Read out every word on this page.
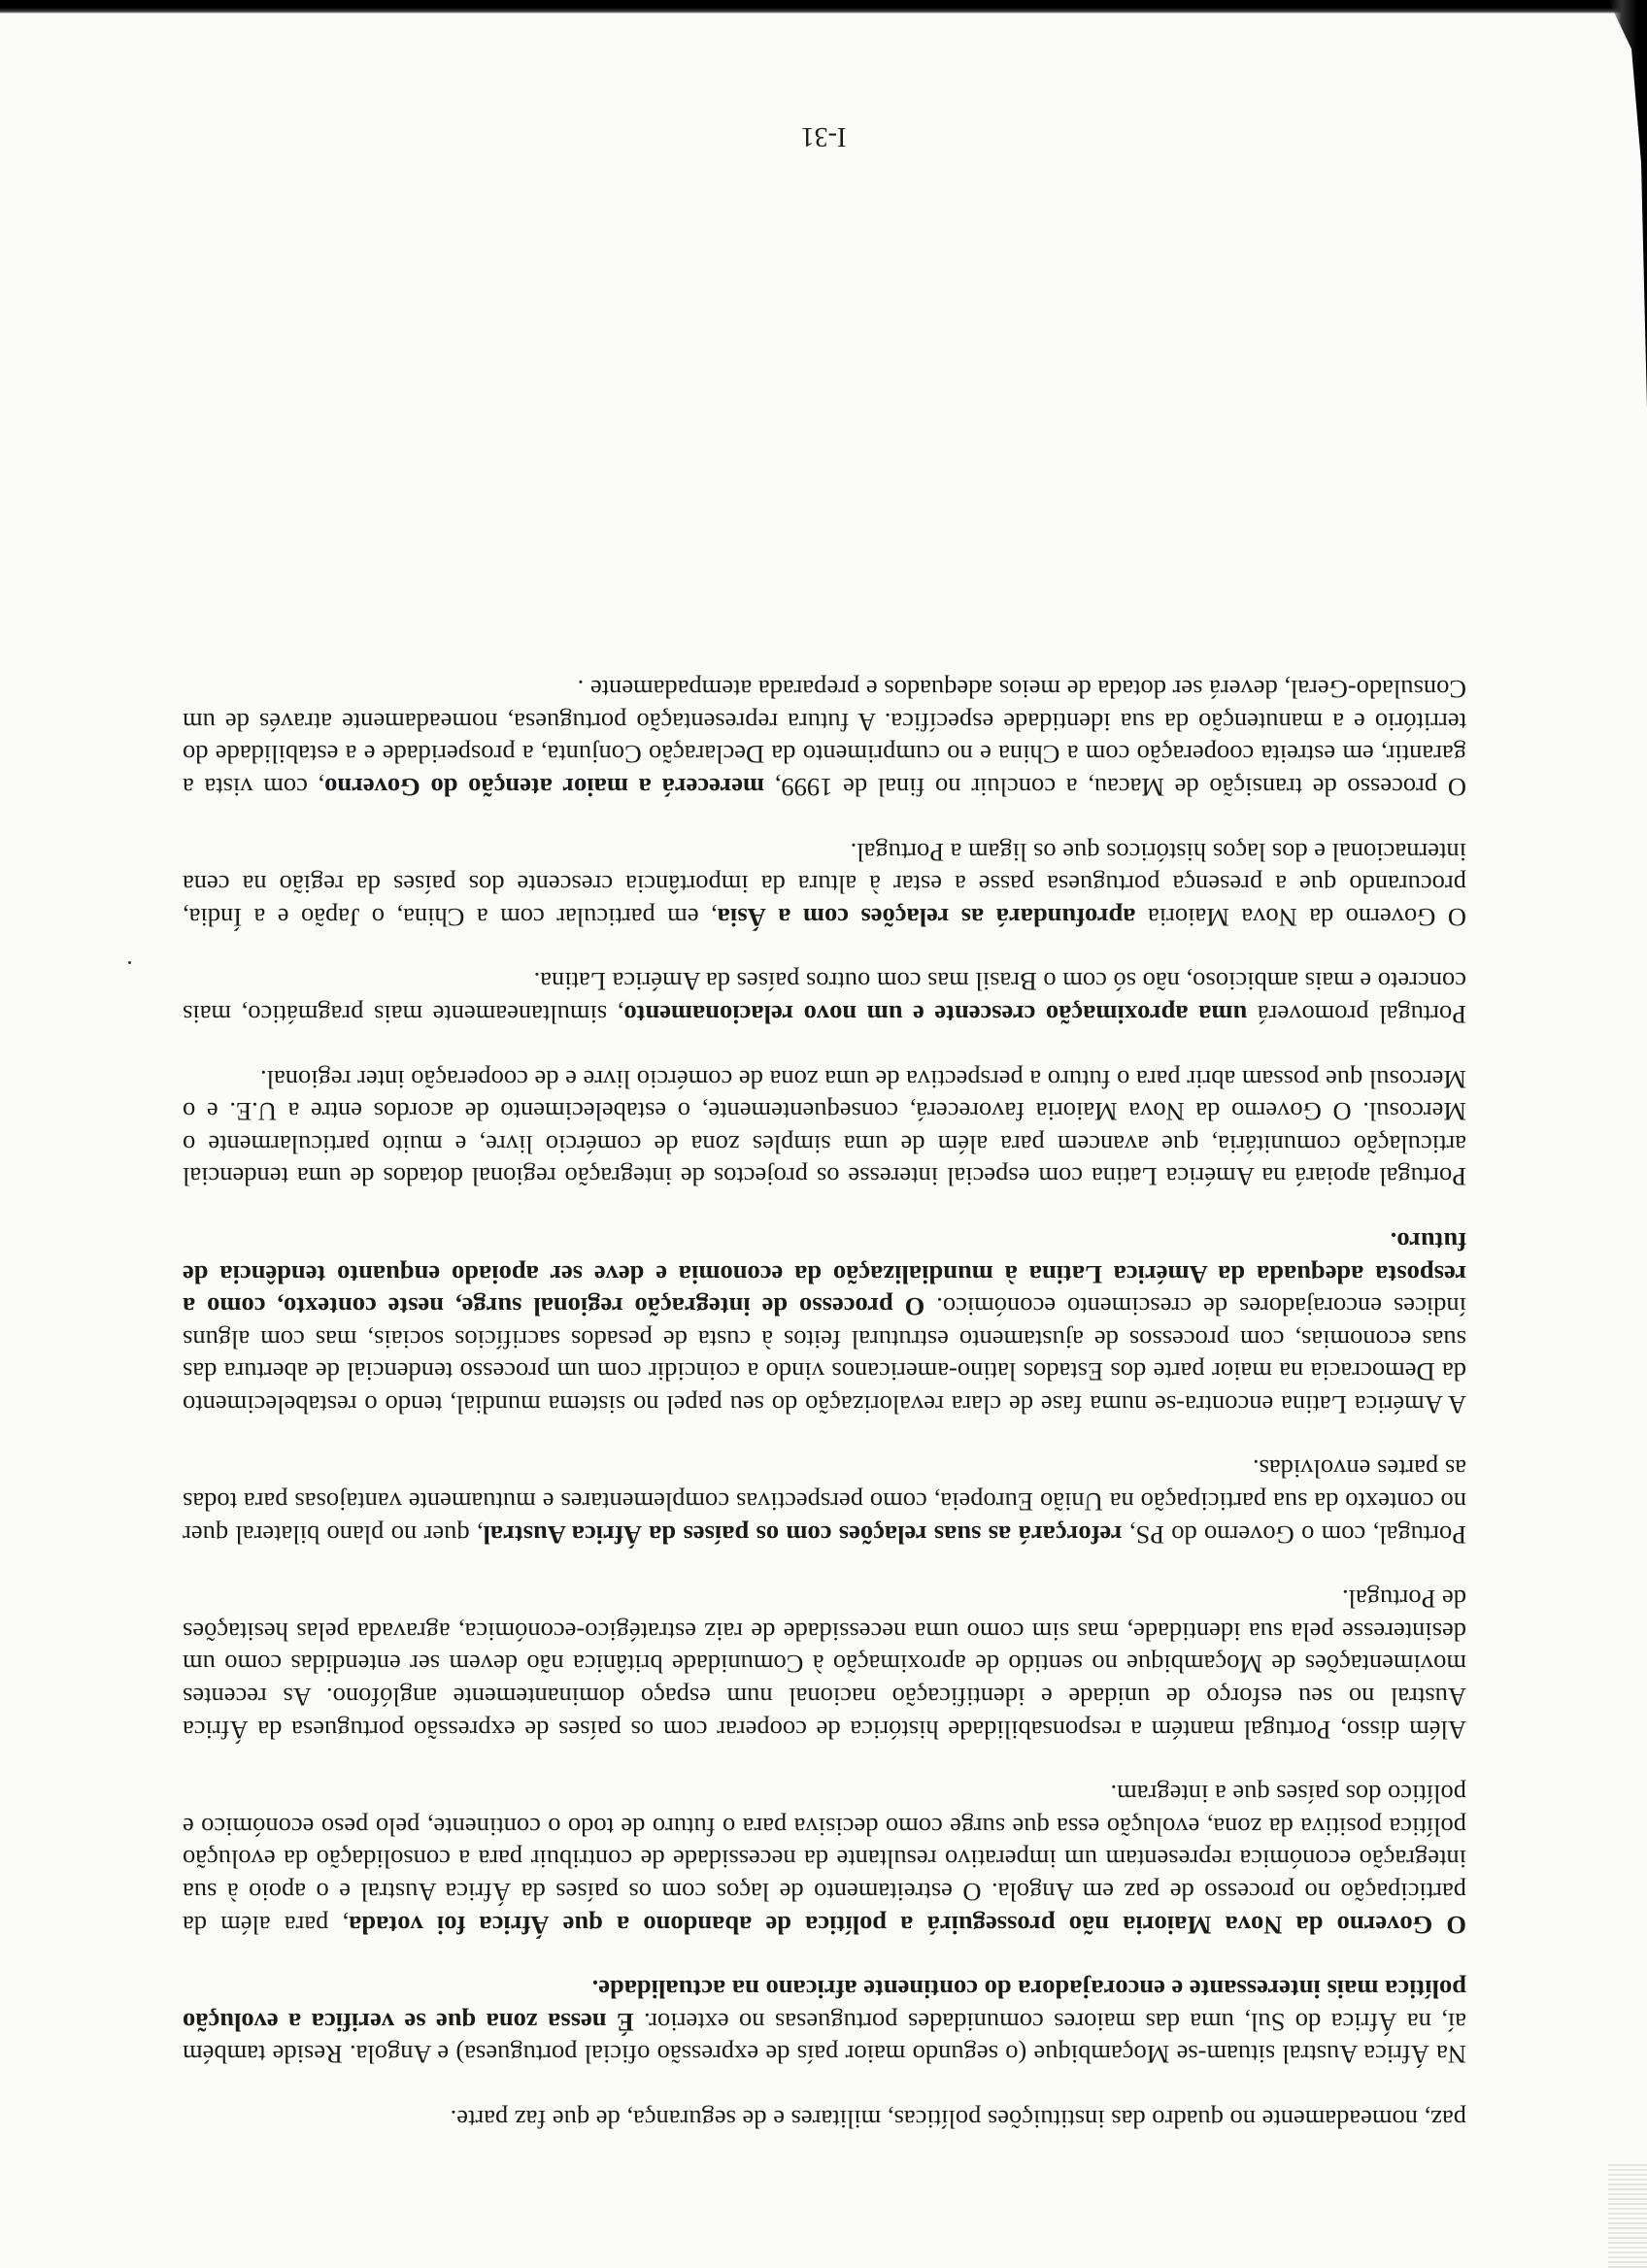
paz, nomeadamente no quadro das instituições políticas, militares e de segurança, de que faz parte.

Na África Austral situam-se Moçambique (o segundo maior país de expressão oficial portuguesa) e Angola. Reside também aí, na África do Sul, uma das maiores comunidades portuguesas no exterior. É nessa zona que se verifica a evolução política mais interessante e encorajadora do continente africano na actualidade.

O Governo da Nova Maioria não prosseguirá a política de abandono a que África foi votada, para além da participação no processo de paz em Angola. O estreitamento de laços com os países da África Austral e o apoio à sua integração económica representam um imperativo resultante da necessidade de contribuir para a consolidação da evolução política positiva da zona, evolução essa que surge como decisiva para o futuro de todo o continente, pelo peso económico e político dos países que a integram.

Além disso, Portugal mantém a responsabilidade histórica de cooperar com os países de expressão portuguesa da África Austral no seu esforço de unidade e identificação nacional num espaço dominantemente anglófono. As recentes movimentações de Moçambique no sentido de aproximação à Comunidade britânica não devem ser entendidas como um desinteresse pela sua identidade, mas sim como uma necessidade de raiz estratégico-económica, agravada pelas hesitações de Portugal.

Portugal, com o Governo do PS, reforçará as suas relações com os países da África Austral, quer no plano bilateral quer no contexto da sua participação na União Europeia, como perspectivas complementares e mutuamente vantajosas para todas as partes envolvidas.

A América Latina encontra-se numa fase de clara revalorização do seu papel no sistema mundial, tendo o restabelecimento da Democracia na maior parte dos Estados latino-americanos vindo a coincidir com um processo tendencial de abertura das suas economias, com processos de ajustamento estrutural feitos à custa de pesados sacrifícios sociais, mas com alguns índices encorajadores de crescimento económico. O processo de integração regional surge, neste contexto, como a resposta adequada da América Latina à mundialização da economia e deve ser apoiado enquanto tendência de futuro.

Portugal apoiará na América Latina com especial interesse os projectos de integração regional dotados de uma tendencial articulação comunitária, que avancem para além de uma simples zona de comércio livre, e muito particularmente o Mercosul. O Governo da Nova Maioria favorecerá, consequentemente, o estabelecimento de acordos entre a U.E. e o Mercosul que possam abrir para o futuro a perspectiva de uma zona de comércio livre e de cooperação inter regional.

Portugal promoverá uma aproximação crescente e um novo relacionamento, simultaneamente mais pragmático, mais concreto e mais ambicioso, não só com o Brasil mas com outros países da América Latina.

O Governo da Nova Maioria aprofundará as relações com a Ásia, em particular com a China, o Japão e a Índia, procurando que a presença portuguesa passe a estar à altura da importância crescente dos países da região na cena internacional e dos laços históricos que os ligam a Portugal.

O processo de transição de Macau, a concluir no final de 1999, merecerá a maior atenção do Governo, com vista a garantir, em estreita cooperação com a China e no cumprimento da Declaração Conjunta, a prosperidade e a estabilidade do território e a manutenção da sua identidade específica. A futura representação portuguesa, nomeadamente através de um Consulado-Geral, deverá ser dotada de meios adequados e preparada atempadamente .

I-31
